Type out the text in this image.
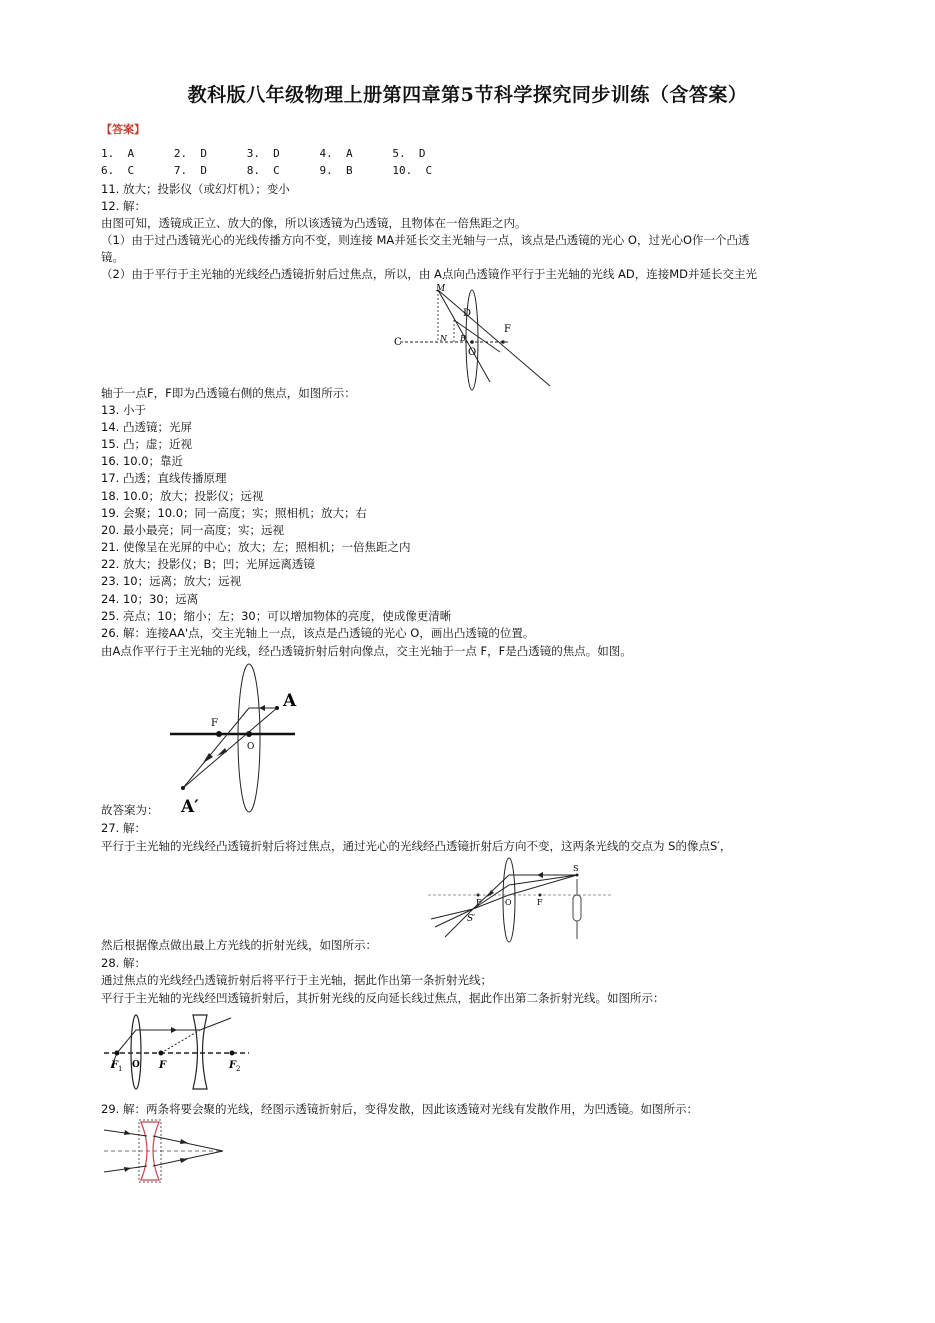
教科版八年级物理上册第四章第5节科学探究同步训练（含答案）
【答案】
1.  A      2.  D      3.  D      4.  A      5.  D
6.  C      7.  D      8.  C      9.  B      10.  C
11. 放大；投影仪（或幻灯机）；变小
12. 解：
由图可知，透镜成正立、放大的像，所以该透镜为凸透镜，且物体在一倍焦距之内。
（1）由于过凸透镜光心的光线传播方向不变，则连接 MA并延长交主光轴与一点，该点是凸透镜的光心 O，过光心O作一个凸透
镜。
（2）由于平行于主光轴的光线经凸透镜折射后过焦点，所以，由 A点向凸透镜作平行于主光轴的光线 AD，连接MD并延长交主光
M
D
F
C	N B
O
轴于一点F，F即为凸透镜右侧的焦点，如图所示：
13. 小于
14. 凸透镜；光屏
15. 凸；虚；近视
16. 10.0；靠近
17. 凸透；直线传播原理
18. 10.0；放大；投影仪；远视
19. 会聚；10.0；同一高度；实；照相机；放大；右
20. 最小最亮；同一高度；实；远视
21. 使像呈在光屏的中心；放大；左；照相机；一倍焦距之内
22. 放大；投影仪；B；凹；光屏远离透镜
23. 10；远离；放大；远视
24. 10；30；远离
25. 亮点；10；缩小；左；30；可以增加物体的亮度，使成像更清晰
26. 解：连接AA'点，交主光轴上一点，该点是凸透镜的光心 O，画出凸透镜的位置。
由A点作平行于主光轴的光线，经凸透镜折射后射向像点，交主光轴于一点 F，F是凸透镜的焦点。如图。
A
F
O
A′
故答案为：
27. 解：
平行于主光轴的光线经凸透镜折射后将过焦点，通过光心的光线经凸透镜折射后方向不变，这两条光线的交点为 S的像点S′，
S
F	F
O
S′
然后根据像点做出最上方光线的折射光线，如图所示：
28. 解：
通过焦点的光线经凸透镜折射后将平行于主光轴，据此作出第一条折射光线；
平行于主光轴的光线经凹透镜折射后，其折射光线的反向延长线过焦点，据此作出第二条折射光线。如图所示：
F 1 O F	F 2
29. 解：两条将要会聚的光线，经图示透镜折射后，变得发散，因此该透镜对光线有发散作用，为凹透镜。如图所示：
